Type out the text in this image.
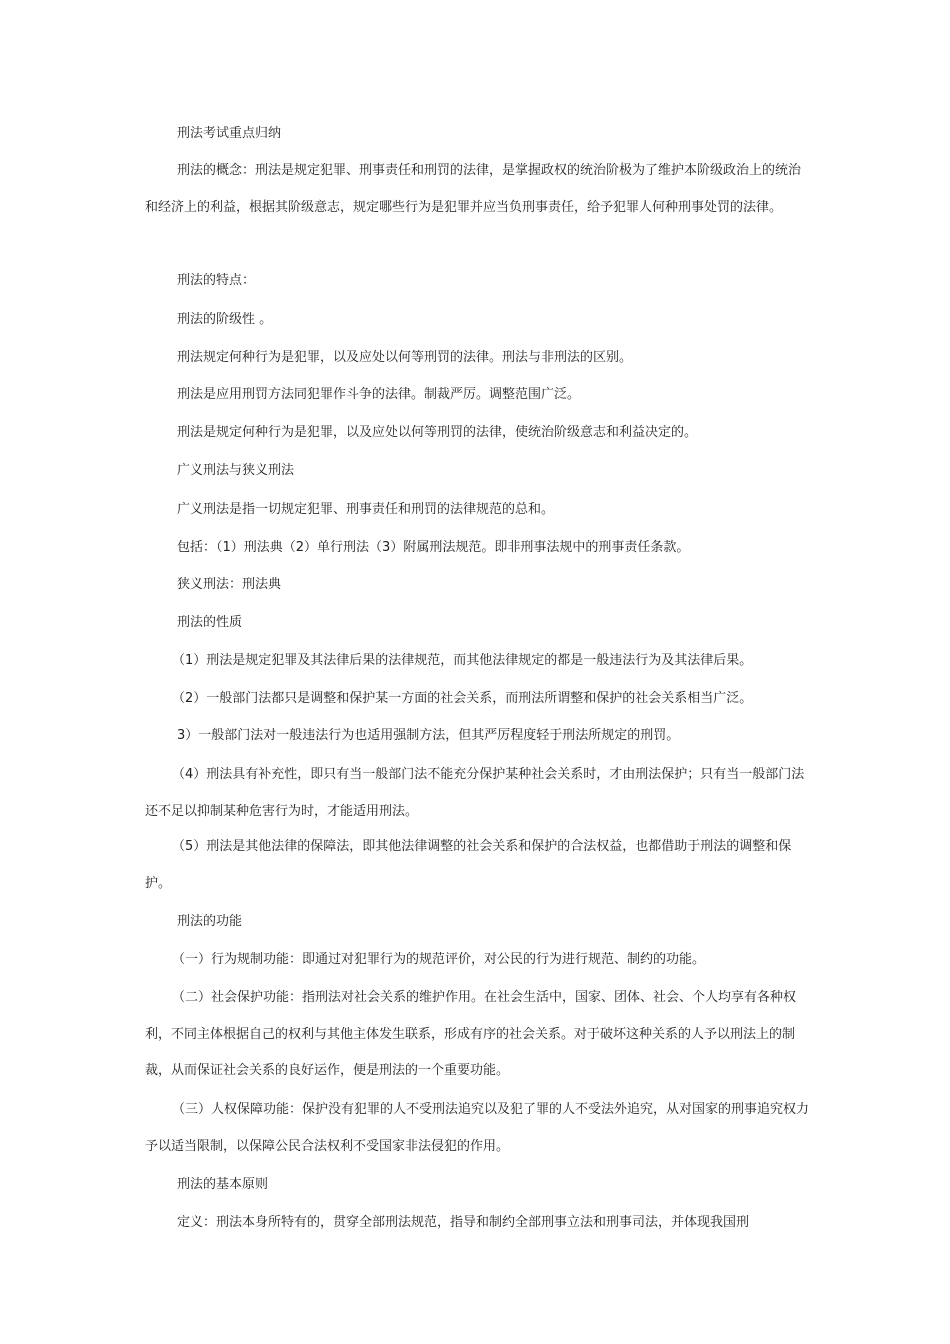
刑法考试重点归纳

刑法的概念：刑法是规定犯罪、刑事责任和刑罚的法律，是掌握政权的统治阶极为了维护本阶级政治上的统治和经济上的利益，根据其阶级意志，规定哪些行为是犯罪并应当负刑事责任，给予犯罪人何种刑事处罚的法律。

刑法的特点：

刑法的阶级性 。

刑法规定何种行为是犯罪，以及应处以何等刑罚的法律。刑法与非刑法的区别。

刑法是应用刑罚方法同犯罪作斗争的法律。制裁严厉。调整范围广泛。

刑法是规定何种行为是犯罪，以及应处以何等刑罚的法律，使统治阶级意志和利益决定的。

广义刑法与狭义刑法

广义刑法是指一切规定犯罪、刑事责任和刑罚的法律规范的总和。

包括：（1）刑法典（2）单行刑法（3）附属刑法规范。即非刑事法规中的刑事责任条款。

狭义刑法：刑法典

刑法的性质

（1）刑法是规定犯罪及其法律后果的法律规范，而其他法律规定的都是一般违法行为及其法律后果。

（2）一般部门法都只是调整和保护某一方面的社会关系，而刑法所谓整和保护的社会关系相当广泛。

3）一般部门法对一般违法行为也适用强制方法，但其严厉程度轻于刑法所规定的刑罚。

（4）刑法具有补充性，即只有当一般部门法不能充分保护某种社会关系时，才由刑法保护；只有当一般部门法还不足以抑制某种危害行为时，才能适用刑法。

（5）刑法是其他法律的保障法，即其他法律调整的社会关系和保护的合法权益，也都借助于刑法的调整和保护。

刑法的功能

（一）行为规制功能：即通过对犯罪行为的规范评价，对公民的行为进行规范、制约的功能。

（二）社会保护功能：指刑法对社会关系的维护作用。在社会生活中，国家、团体、社会、个人均享有各种权利，不同主体根据自己的权利与其他主体发生联系，形成有序的社会关系。对于破坏这种关系的人予以刑法上的制裁，从而保证社会关系的良好运作，便是刑法的一个重要功能。

（三）人权保障功能：保护没有犯罪的人不受刑法追究以及犯了罪的人不受法外追究，从对国家的刑事追究权力予以适当限制，以保障公民合法权利不受国家非法侵犯的作用。

刑法的基本原则

定义：刑法本身所特有的，贯穿全部刑法规范，指导和制约全部刑事立法和刑事司法，并体现我国刑
